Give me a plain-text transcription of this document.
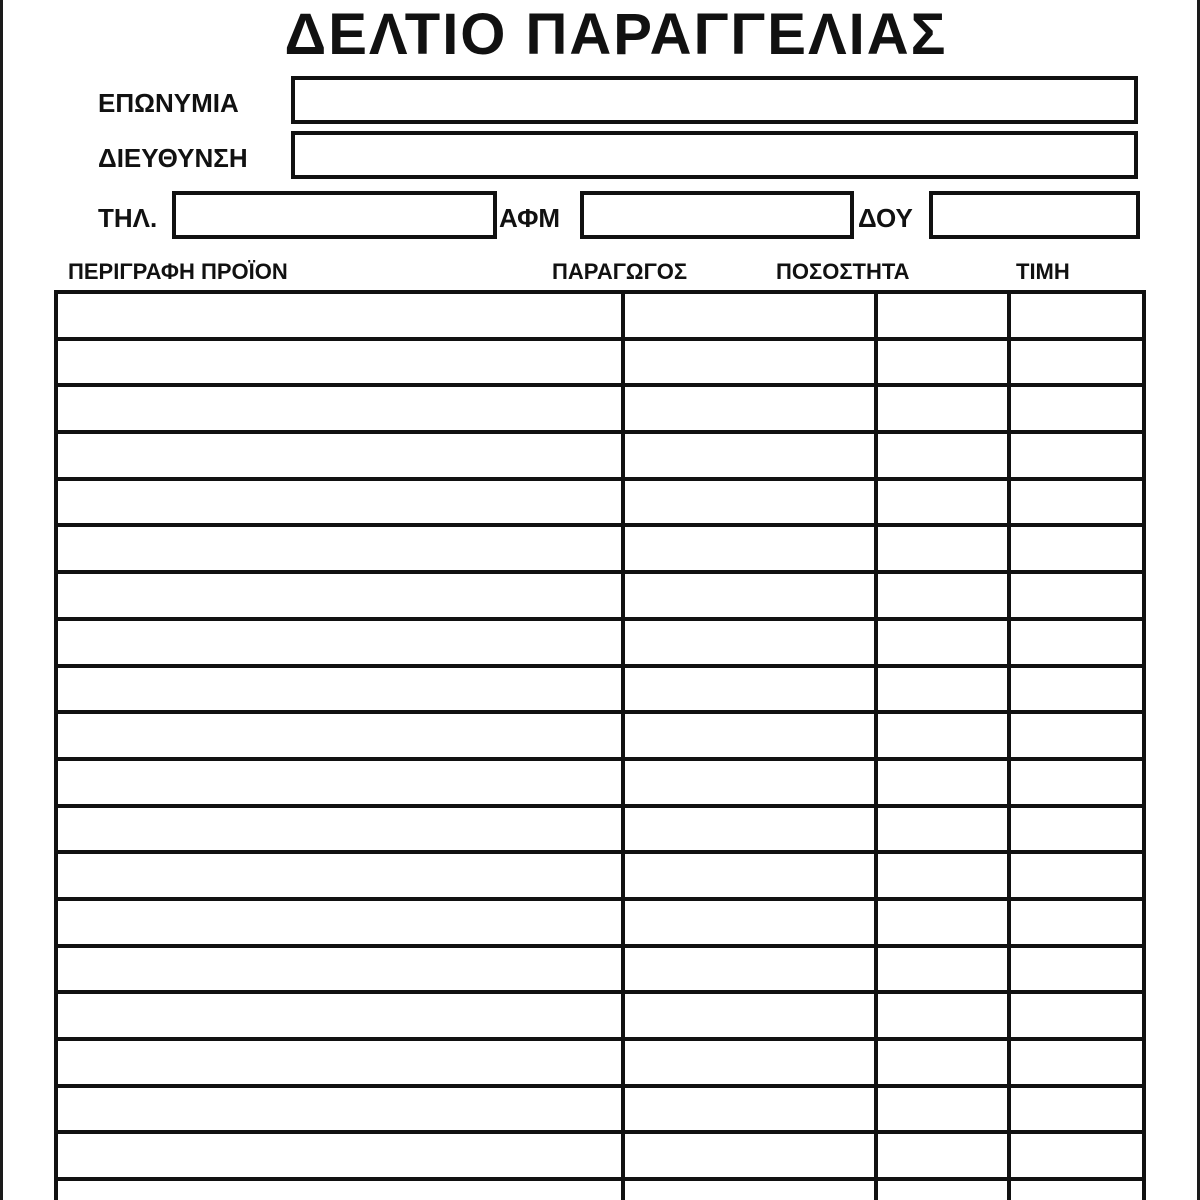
ΔΕΛΤΙΟ ΠΑΡΑΓΓΕΛΙΑΣ
ΕΠΩΝΥΜΙΑ
ΔΙΕΥΘΥΝΣΗ
ΤΗΛ.	ΑΦΜ	ΔΟΥ
ΠΕΡΙΓΡΑΦΗ ΠΡΟΪΟΝ	ΠΑΡΑΓΩΓΟΣ	ΠΟΣΟΣΤΗΤΑ	ΤΙΜΗ
